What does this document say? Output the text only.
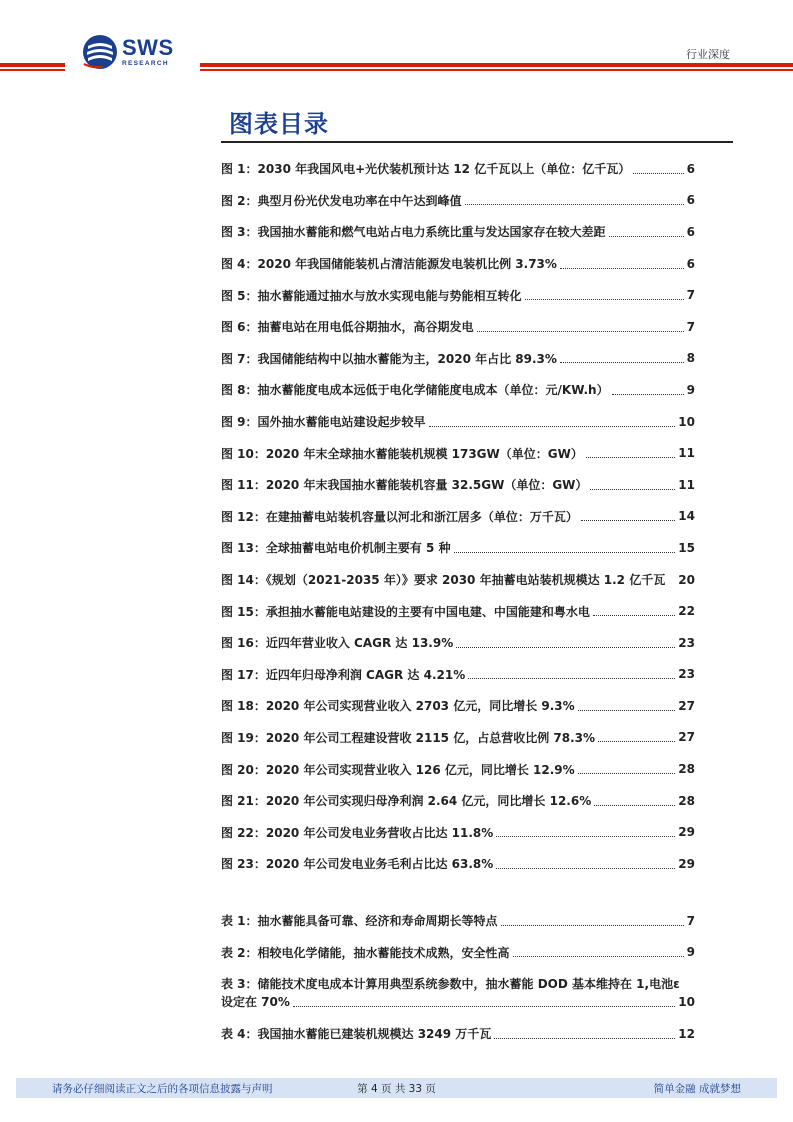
SWS
RESEARCH
行业深度
图表目录
图 1：2030 年我国风电+光伏装机预计达 12 亿千瓦以上（单位：亿千瓦）	6
图 2：典型月份光伏发电功率在中午达到峰值	6
图 3：我国抽水蓄能和燃气电站占电力系统比重与发达国家存在较大差距	6
图 4：2020 年我国储能装机占清洁能源发电装机比例 3.73%	6
图 5：抽水蓄能通过抽水与放水实现电能与势能相互转化	7
图 6：抽蓄电站在用电低谷期抽水，高谷期发电	7
图 7：我国储能结构中以抽水蓄能为主，2020 年占比 89.3%	8
图 8：抽水蓄能度电成本远低于电化学储能度电成本（单位：元/KW.h）	9
图 9：国外抽水蓄能电站建设起步较早	10
图 10：2020 年末全球抽水蓄能装机规模 173GW（单位：GW）	11
图 11：2020 年末我国抽水蓄能装机容量 32.5GW（单位：GW）	11
图 12：在建抽蓄电站装机容量以河北和浙江居多（单位：万千瓦）	14
图 13：全球抽蓄电站电价机制主要有 5 种	15
图 14：《规划（2021-2035 年）》要求 2030 年抽蓄电站装机规模达 1.2 亿千瓦	20
图 15：承担抽水蓄能电站建设的主要有中国电建、中国能建和粤水电	22
图 16：近四年营业收入 CAGR 达 13.9%	23
图 17：近四年归母净利润 CAGR 达 4.21%	23
图 18：2020 年公司实现营业收入 2703 亿元，同比增长 9.3%	27
图 19：2020 年公司工程建设营收 2115 亿，占总营收比例 78.3%	27
图 20：2020 年公司实现营业收入 126 亿元，同比增长 12.9%	28
图 21：2020 年公司实现归母净利润 2.64 亿元，同比增长 12.6%	28
图 22：2020 年公司发电业务营收占比达 11.8%	29
图 23：2020 年公司发电业务毛利占比达 63.8%	29
表 1：抽水蓄能具备可靠、经济和寿命周期长等特点	7
表 2：相较电化学储能，抽水蓄能技术成熟，安全性高	9
表 3：储能技术度电成本计算用典型系统参数中，抽水蓄能 DOD 基本维持在 1,电池ε
设定在 70%	10
表 4：我国抽水蓄能已建装机规模达 3249 万千瓦	12
请务必仔细阅读正文之后的各项信息披露与声明	第 4 页 共 33 页	简单金融 成就梦想
